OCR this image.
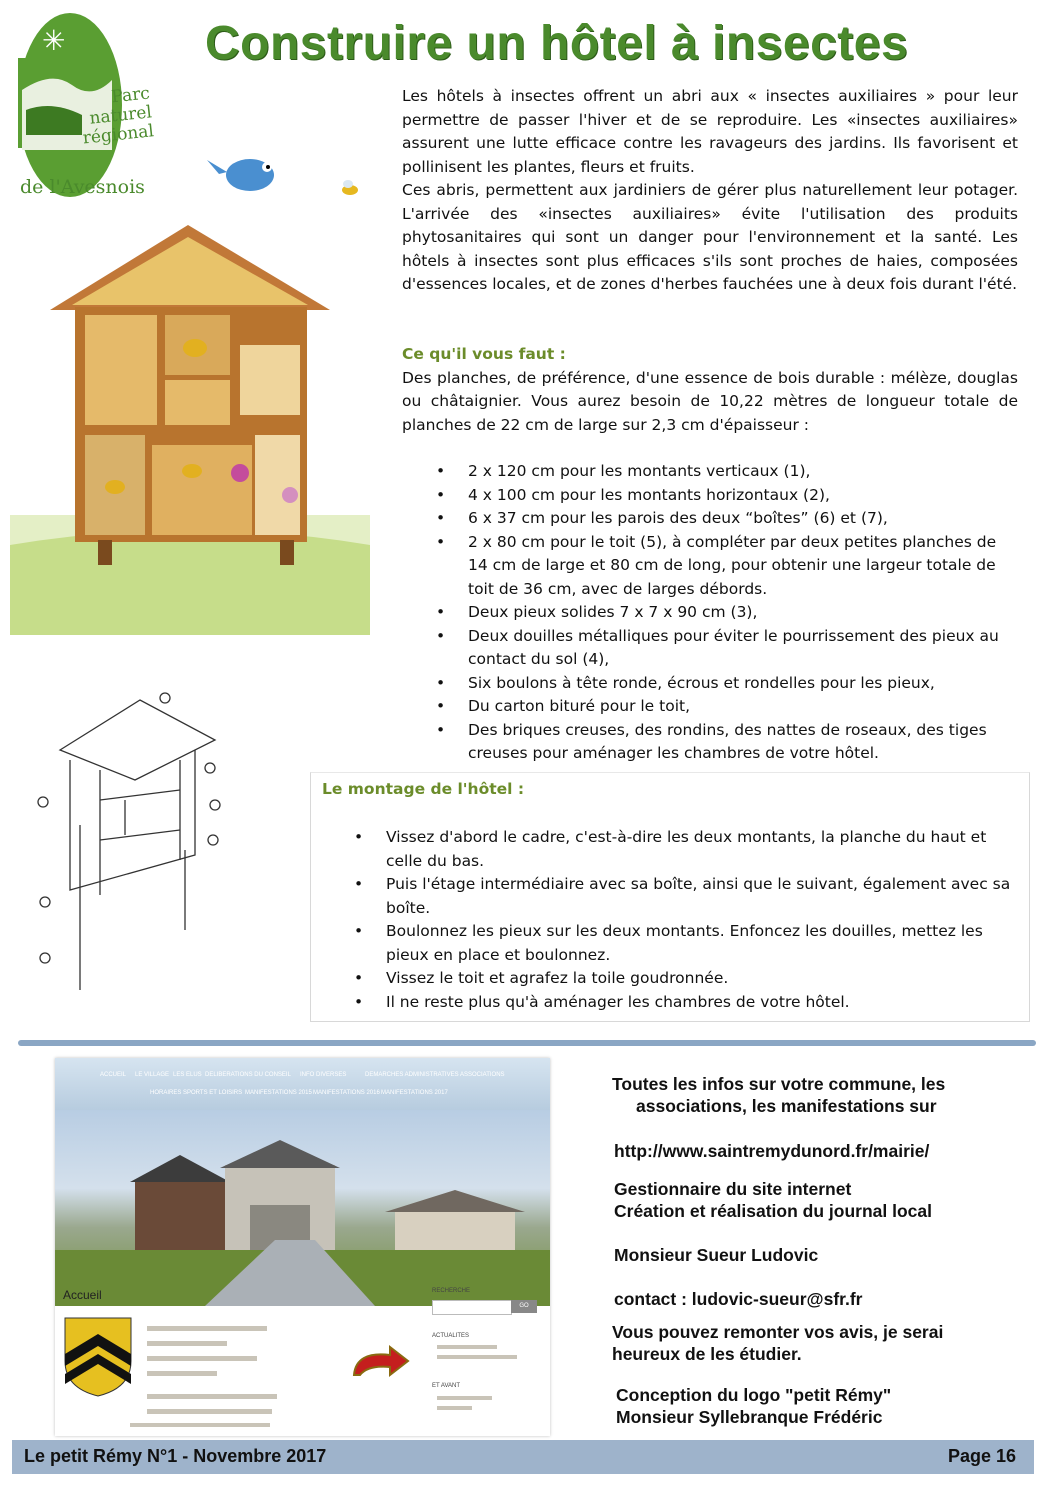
✳
Parc
naturel
régional
de l'Avesnois
Construire un hôtel à insectes

Les hôtels à insectes offrent un abri aux « insectes auxiliaires » pour leur permettre de passer l'hiver et de se reproduire. Les «insectes auxiliaires» assurent une lutte efficace contre les ravageurs des jardins. Ils favorisent et pollinisent les plantes, fleurs et fruits.

Ces abris, permettent aux jardiniers de gérer plus naturellement leur potager. L'arrivée des «insectes auxiliaires» évite l'utilisation des produits phytosanitaires qui sont un danger pour l'environnement et la santé. Les hôtels à insectes sont plus efficaces s'ils sont proches de haies, composées d'essences locales, et de zones d'herbes fauchées une à deux fois durant l'été.

Ce qu'il vous faut :
Des planches, de préférence, d'une essence de bois durable : mélèze, douglas ou châtaignier. Vous aurez besoin de 10,22 mètres de longueur totale de planches de 22 cm de large sur 2,3 cm d'épaisseur :
• 2 x 120 cm pour les montants verticaux (1),
• 4 x 100 cm pour les montants horizontaux (2),
• 6 x 37 cm pour les parois des deux “boîtes” (6) et (7),
• 2 x 80 cm pour le toit (5), à compléter par deux petites planches de 14 cm de large et 80 cm de long, pour obtenir une largeur totale de toit de 36 cm, avec de larges débords.
• Deux pieux solides 7 x 7 x 90 cm (3),
• Deux douilles métalliques pour éviter le pourrissement des pieux au contact du sol (4),
• Six boulons à tête ronde, écrous et rondelles pour les pieux,
• Du carton bituré pour le toit,
• Des briques creuses, des rondins, des nattes de roseaux, des tiges creuses pour aménager les chambres de votre hôtel.
Le montage de l'hôtel :
• Vissez d'abord le cadre, c'est-à-dire les deux montants, la planche du haut et celle du bas.
• Puis l'étage intermédiaire avec sa boîte, ainsi que le suivant, également avec sa boîte.
• Boulonnez les pieux sur les deux montants. Enfoncez les douilles, mettez les pieux en place et boulonnez.
• Vissez le toit et agrafez la toile goudronnée.
• Il ne reste plus qu'à aménager les chambres de votre hôtel.
ACCUEIL LE VILLAGE LES ELUS DELIBERATIONS DU CONSEIL INFO DIVERSES	DEMARCHES ADMINISTRATIVES ASSOCIATIONS
HORAIRES SPORTS ET LOISIRS MANIFESTATIONS 2015 MANIFESTATIONS 2016 MANIFESTATIONS 2017
Accueil	RECHERCHE
GO
ACTUALITES
ET AVANT
Toutes les infos sur votre commune, les
associations, les manifestations sur
http://www.saintremydunord.fr/mairie/
Gestionnaire du site internet
Création et réalisation du journal local
Monsieur Sueur Ludovic
contact : ludovic-sueur@sfr.fr
Vous pouvez remonter vos avis, je serai
heureux de les étudier.
Conception du logo "petit Rémy"
Monsieur Syllebranque Frédéric
Le petit Rémy N°1 - Novembre 2017	Page 16
